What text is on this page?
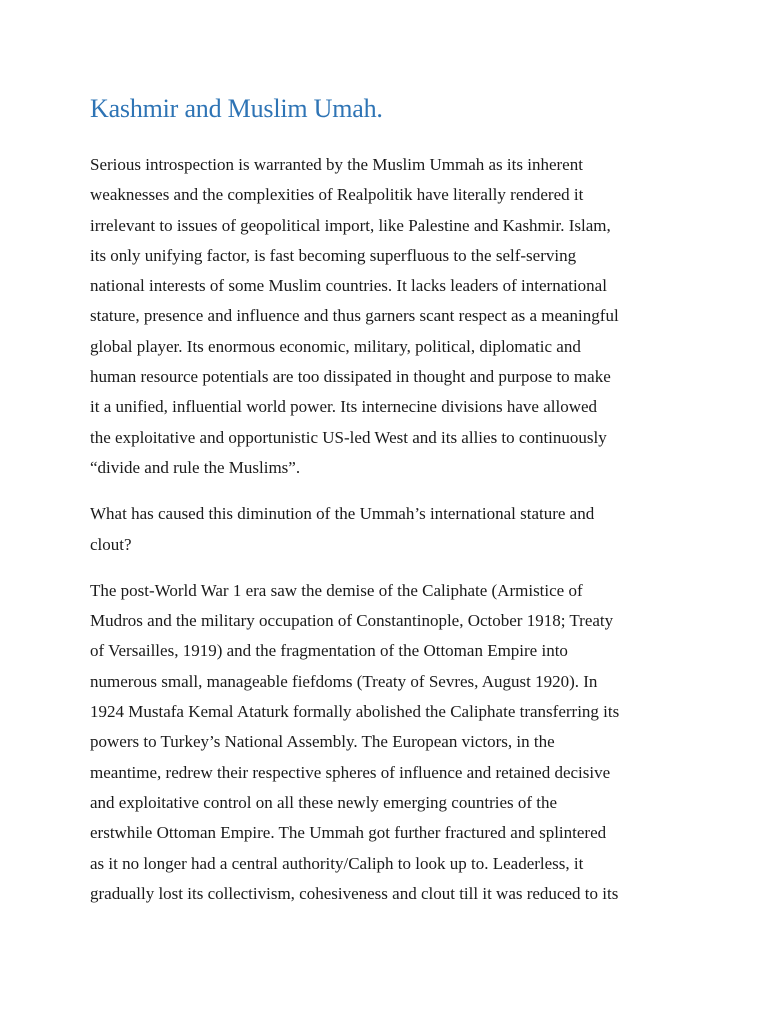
Kashmir and Muslim Umah.

Serious introspection is warranted by the Muslim Ummah as its inherent
weaknesses and the complexities of Realpolitik have literally rendered it
irrelevant to issues of geopolitical import, like Palestine and Kashmir. Islam,
its only unifying factor, is fast becoming superfluous to the self-serving
national interests of some Muslim countries. It lacks leaders of international
stature, presence and influence and thus garners scant respect as a meaningful
global player. Its enormous economic, military, political, diplomatic and
human resource potentials are too dissipated in thought and purpose to make
it a unified, influential world power. Its internecine divisions have allowed
the exploitative and opportunistic US-led West and its allies to continuously
“divide and rule the Muslims”.

What has caused this diminution of the Ummah’s international stature and
clout?

The post-World War 1 era saw the demise of the Caliphate (Armistice of
Mudros and the military occupation of Constantinople, October 1918; Treaty
of Versailles, 1919) and the fragmentation of the Ottoman Empire into
numerous small, manageable fiefdoms (Treaty of Sevres, August 1920). In
1924 Mustafa Kemal Ataturk formally abolished the Caliphate transferring its
powers to Turkey’s National Assembly. The European victors, in the
meantime, redrew their respective spheres of influence and retained decisive
and exploitative control on all these newly emerging countries of the
erstwhile Ottoman Empire. The Ummah got further fractured and splintered
as it no longer had a central authority/Caliph to look up to. Leaderless, it
gradually lost its collectivism, cohesiveness and clout till it was reduced to its
